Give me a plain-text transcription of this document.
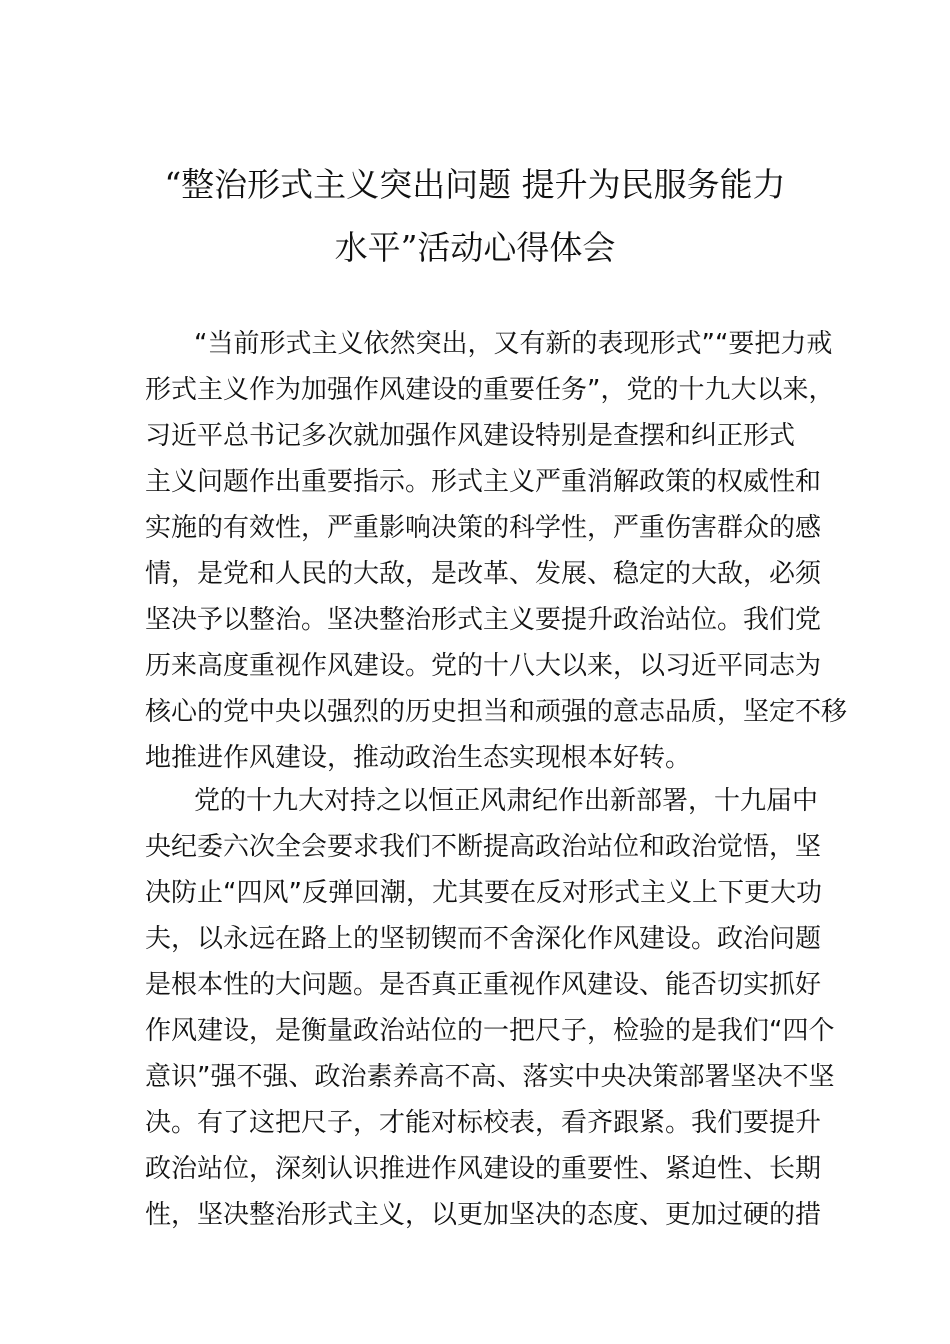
“整治形式主义突出问题 提升为民服务能力
水平”活动心得体会

“当前形式主义依然突出，又有新的表现形式”“要把力戒

形式主义作为加强作风建设的重要任务”，党的十九大以来，

习近平总书记多次就加强作风建设特别是查摆和纠正形式

主义问题作出重要指示。形式主义严重消解政策的权威性和

实施的有效性，严重影响决策的科学性，严重伤害群众的感

情，是党和人民的大敌，是改革、发展、稳定的大敌，必须

坚决予以整治。坚决整治形式主义要提升政治站位。我们党

历来高度重视作风建设。党的十八大以来，以习近平同志为

核心的党中央以强烈的历史担当和顽强的意志品质，坚定不移

地推进作风建设，推动政治生态实现根本好转。

党的十九大对持之以恒正风肃纪作出新部署，十九届中

央纪委六次全会要求我们不断提高政治站位和政治觉悟，坚

决防止“四风”反弹回潮，尤其要在反对形式主义上下更大功

夫，以永远在路上的坚韧锲而不舍深化作风建设。政治问题

是根本性的大问题。是否真正重视作风建设、能否切实抓好

作风建设，是衡量政治站位的一把尺子，检验的是我们“四个

意识”强不强、政治素养高不高、落实中央决策部署坚决不坚

决。有了这把尺子，才能对标校表，看齐跟紧。我们要提升

政治站位，深刻认识推进作风建设的重要性、紧迫性、长期

性，坚决整治形式主义，以更加坚决的态度、更加过硬的措
